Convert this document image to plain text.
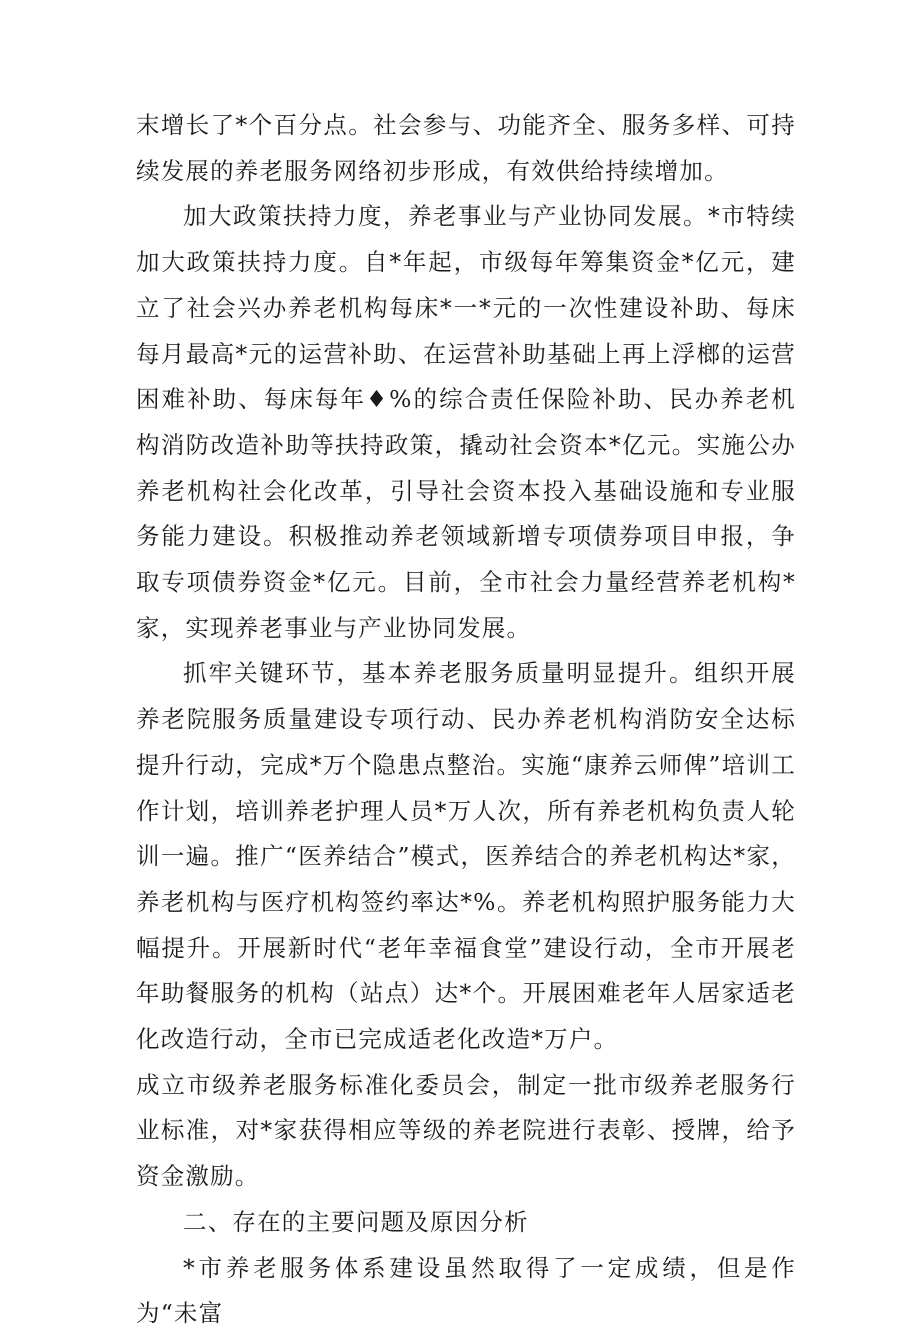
末增长了*个百分点。社会参与、功能齐全、服务多样、可持续发展的养老服务网络初步形成，有效供给持续增加。

加大政策扶持力度，养老事业与产业协同发展。*市特续加大政策扶持力度。自*年起，市级每年筹集资金*亿元，建立了社会兴办养老机构每床*一*元的一次性建设补助、每床每月最高*元的运营补助、在运营补助基础上再上浮榔的运营困难补助、每床每年♦%的综合责任保险补助、民办养老机构消防改造补助等扶持政策，撬动社会资本*亿元。实施公办养老机构社会化改革，引导社会资本投入基础设施和专业服务能力建设。积极推动养老领域新增专项债券项目申报，争取专项债券资金*亿元。目前，全市社会力量经营养老机构*家，实现养老事业与产业协同发展。

抓牢关键环节，基本养老服务质量明显提升。组织开展养老院服务质量建设专项行动、民办养老机构消防安全达标提升行动，完成*万个隐患点整治。实施“康养云师俾”培训工作计划，培训养老护理人员*万人次，所有养老机构负责人轮训一遍。推广“医养结合”模式，医养结合的养老机构达*家，养老机构与医疗机构签约率达*%。养老机构照护服务能力大幅提升。开展新时代“老年幸福食堂”建设行动，全市开展老年助餐服务的机构（站点）达*个。开展困难老年人居家适老化改造行动，全市已完成适老化改造*万户。

成立市级养老服务标准化委员会，制定一批市级养老服务行业标准，对*家获得相应等级的养老院进行表彰、授牌，给予资金激励。

二、存在的主要问题及原因分析

*市养老服务体系建设虽然取得了一定成绩，但是作为“未富
